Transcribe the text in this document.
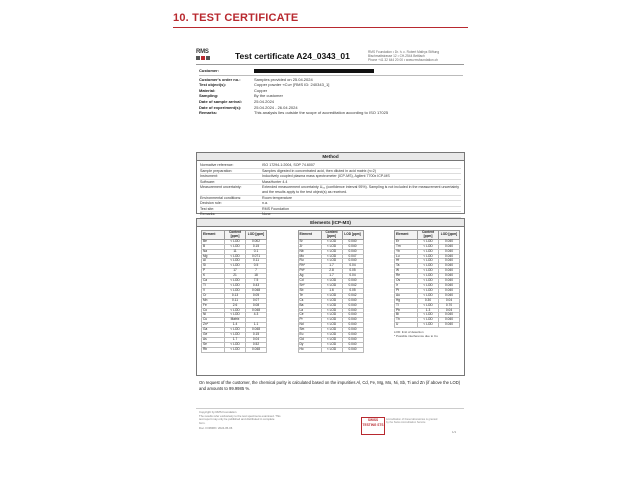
10. TEST CERTIFICATE
RMS	Test certificate A24_0343_01	RMS Foundation • Dr. h. c. Robert Mathys Stiftung
Bischmattstrasse 12 • CH-2544 Bettlach
Phone +41 32 644 20 00 • www.rmsfoundation.ch
Customer:
Customer's order no.:	Samples provided on 25.04.2024
Test object(s):	Copper powder «Cu» [RMS ID: 240343_1]
Material:	Copper
Sampling:	By the customer
Date of sample arrival:	25.04.2024
Date of experiment(s):	25.04.2024 - 26.04.2024
Remarks:	This analysis lies outside the scope of accreditation according to ISO 17025
Method
Normative reference:	ISO 17294-1:2004, SOP 74.6007
Sample preparation:	Samples digested in concentrated acid, then diluted in acid matrix (n=2)
Instrument:	Inductively coupled plasma mass spectrometer (ICP-MS), Agilent 7700x ICP-MS
Software:	MassHunter 4.4
Measurement uncertainty:	Extended measurement uncertainty U₉₅ (confidence interval 95%). Sampling is not included in the measurement uncertainty and the results apply to the test object(s) as received.
Environmental conditions:	Room temperature
Decision rule:	n.a.
Test site:	RMS Foundation
Remarks:	None
Elements (ICP-MS)
Element	Content [ppm]	LOD [ppm]
Be	< LOD	0.002
B	< LOD	0.15
Na	11	0.1
Mg	< LOD	0.071
Al	< LOD	0.11
Si	< LOD	0.5
P	17	7
K	21	18
Ca	< LOD	7.5
Ti	< LOD	0.43
V	< LOD	0.048
Cr	0.13	0.05
Mn	0.11	0.07
Fe	2.6	0.08
Co	< LOD	0.048
Ni	< LOD	4.3
Cu	Matrix	
Zn*	1.4	1.1
Ga	< LOD	0.048
Ge	< LOD	0.15
As	1.7	0.04
Se	< LOD	0.52
Rb	< LOD	0.048
Element	Content [ppm]	LOD [ppm]
Sr	< LOD	0.040
Zr	< LOD	0.040
Nb	< LOD	0.040
Mo	< LOD	0.047
Ru	< LOD	0.040
Rh*	1.7	0.04
Pd*	2.8	0.05
Ag	1.7	0.04
Cd	< LOD	0.040
Sn*	< LOD	0.042
Sb	1.6	0.05
Te	< LOD	0.042
Cs	< LOD	0.040
Ba	< LOD	0.040
La	< LOD	0.040
Ce	< LOD	0.040
Pr	< LOD	0.040
Nd	< LOD	0.040
Sm	< LOD	0.040
Eu	< LOD	0.040
Gd	< LOD	0.040
Dy	< LOD	0.040
Ho	< LOD	0.040
Element	Content [ppm]	LOD [ppm]
Er	< LOD	0.040
Tm	< LOD	0.040
Yb	< LOD	0.040
Lu	< LOD	0.040
Hf	< LOD	0.040
Ta	< LOD	0.040
W	< LOD	0.040
Re	< LOD	0.040
Os	< LOD	0.040
Ir	< LOD	0.040
Pt	< LOD	0.040
Au	< LOD	0.040
Hg	0.30	0.04
Tl	< LOD	0.70
Pb	1.3	0.04
Bi	< LOD	0.040
Th	< LOD	0.040
U	< LOD	0.040
LOD: limit of detection
* Possible interference due to Cu
On request of the customer, the chemical purity is calculated based on the impurities Al, Cd, Fe, Mg, Mo, Ni, Sb, Ti and Zn (if above the LOD) and amounts to 99.9985 %.
Copyright by RMS Foundation
The results refer exclusively to the test specimens examined. This
test report may only be published and distributed in complete
form.
Doc. FO8068 / 2024-05-06
SWISS TESTING STS
Accreditation of these laboratories is granted by the Swiss Accreditation Service
1/1
